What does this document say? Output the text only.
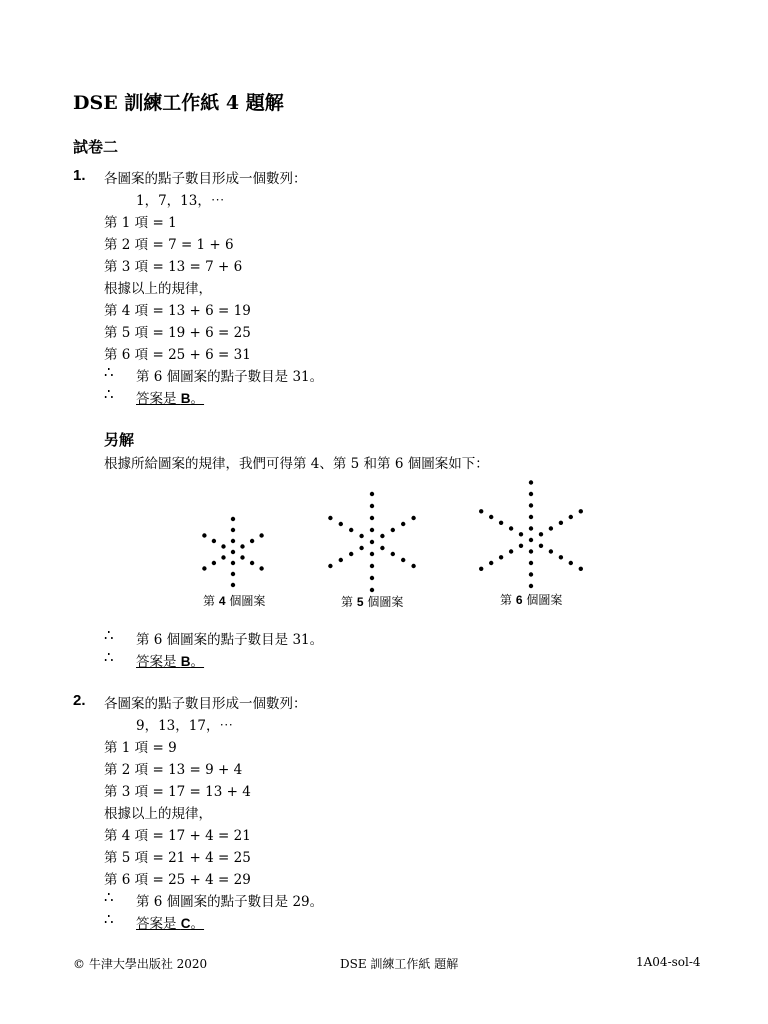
DSE 訓練工作紙 4 題解
試卷二
1. 各圖案的點子數目形成一個數列：
1，7，13，⋯
第 1 項 = 1
第 2 項 = 7 = 1 + 6
第 3 項 = 13 = 7 + 6
根據以上的規律，
第 4 項 = 13 + 6 = 19
第 5 項 = 19 + 6 = 25
第 6 項 = 25 + 6 = 31
∴ 第 6 個圖案的點子數目是 31。
∴ 答案是 B。
另解
根據所給圖案的規律，我們可得第 4、第 5 和第 6 個圖案如下：
第 4 個圖案	第 5 個圖案	第 6 個圖案
∴ 第 6 個圖案的點子數目是 31。
∴ 答案是 B。
2. 各圖案的點子數目形成一個數列：
9，13，17，⋯
第 1 項 = 9
第 2 項 = 13 = 9 + 4
第 3 項 = 17 = 13 + 4
根據以上的規律，
第 4 項 = 17 + 4 = 21
第 5 項 = 21 + 4 = 25
第 6 項 = 25 + 4 = 29
∴ 第 6 個圖案的點子數目是 29。
∴ 答案是 C。
© 牛津大學出版社 2020	DSE 訓練工作紙 題解	1A04-sol-4
